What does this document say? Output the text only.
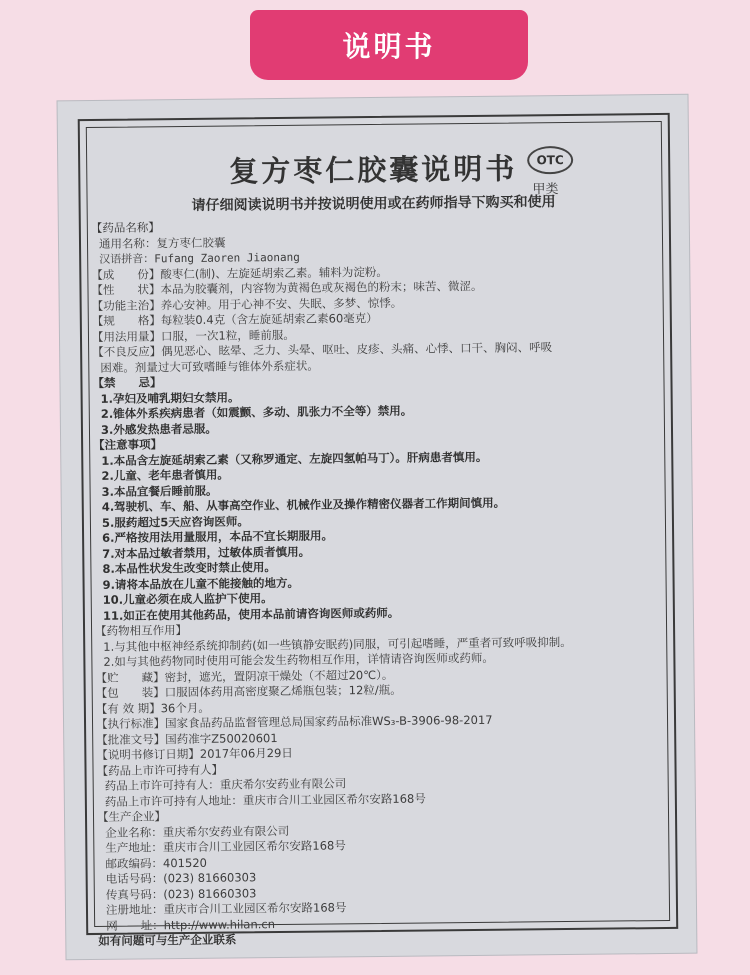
说明书
复方枣仁胶囊说明书	OTC
甲类
请仔细阅读说明书并按说明使用或在药师指导下购买和使用
【药品名称】
通用名称：复方枣仁胶囊
汉语拼音：Fufang Zaoren Jiaonang
【成　　份】酸枣仁(制)、左旋延胡索乙素。辅料为淀粉。
【性　　状】本品为胶囊剂，内容物为黄褐色或灰褐色的粉末；味苦、微涩。
【功能主治】养心安神。用于心神不安、失眠、多梦、惊悸。
【规　　格】每粒装0.4克（含左旋延胡索乙素60毫克）
【用法用量】口服，一次1粒，睡前服。
【不良反应】偶见恶心、眩晕、乏力、头晕、呕吐、皮疹、头痛、心悸、口干、胸闷、呼吸
困难。剂量过大可致嗜睡与锥体外系症状。
【禁　　忌】
1.孕妇及哺乳期妇女禁用。
2.锥体外系疾病患者（如震颤、多动、肌张力不全等）禁用。
3.外感发热患者忌服。
【注意事项】
1.本品含左旋延胡索乙素（又称罗通定、左旋四氢帕马丁）。肝病患者慎用。
2.儿童、老年患者慎用。
3.本品宜餐后睡前服。
4.驾驶机、车、船、从事高空作业、机械作业及操作精密仪器者工作期间慎用。
5.服药超过5天应咨询医师。
6.严格按用法用量服用，本品不宜长期服用。
7.对本品过敏者禁用，过敏体质者慎用。
8.本品性状发生改变时禁止使用。
9.请将本品放在儿童不能接触的地方。
10.儿童必须在成人监护下使用。
11.如正在使用其他药品，使用本品前请咨询医师或药师。
【药物相互作用】
1.与其他中枢神经系统抑制药(如一些镇静安眠药)同服，可引起嗜睡，严重者可致呼吸抑制。
2.如与其他药物同时使用可能会发生药物相互作用，详情请咨询医师或药师。
【贮　　藏】密封，遮光，置阴凉干燥处（不超过20℃）。
【包　　装】口服固体药用高密度聚乙烯瓶包装；12粒/瓶。
【有 效 期】36个月。
【执行标准】国家食品药品监督管理总局国家药品标准WS₃-B-3906-98-2017
【批准文号】国药准字Z50020601
【说明书修订日期】2017年06月29日
【药品上市许可持有人】
药品上市许可持有人：重庆希尔安药业有限公司
药品上市许可持有人地址：重庆市合川工业园区希尔安路168号
【生产企业】
企业名称：重庆希尔安药业有限公司
生产地址：重庆市合川工业园区希尔安路168号
邮政编码：401520
电话号码：(023) 81660303
传真号码：(023) 81660303
注册地址：重庆市合川工业园区希尔安路168号
网　　址：http://www.hilan.cn
如有问题可与生产企业联系
